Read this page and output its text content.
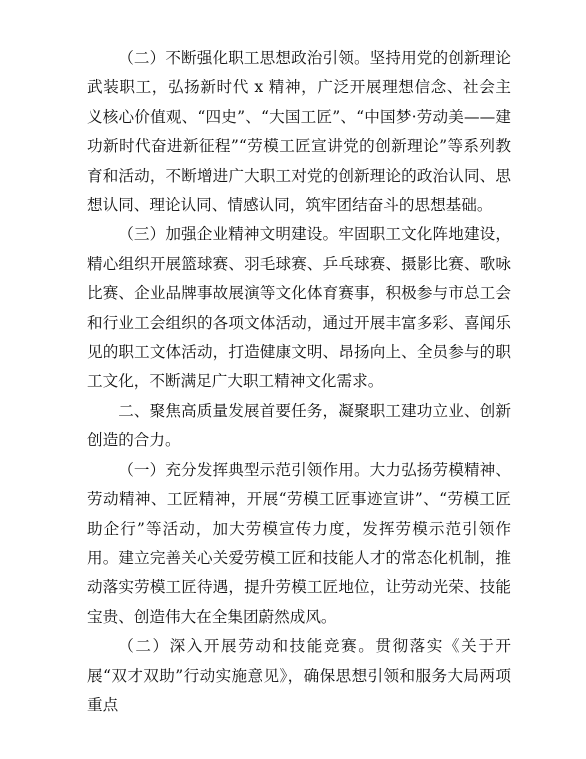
（二）不断强化职工思想政治引领。坚持用党的创新理论武装职工，弘扬新时代 x 精神，广泛开展理想信念、社会主义核心价值观、“四史”、“大国工匠”、“中国梦·劳动美——建功新时代奋进新征程”“劳模工匠宣讲党的创新理论”等系列教育和活动，不断增进广大职工对党的创新理论的政治认同、思想认同、理论认同、情感认同，筑牢团结奋斗的思想基础。

（三）加强企业精神文明建设。牢固职工文化阵地建设，精心组织开展篮球赛、羽毛球赛、乒乓球赛、摄影比赛、歌咏比赛、企业品牌事故展演等文化体育赛事，积极参与市总工会和行业工会组织的各项文体活动，通过开展丰富多彩、喜闻乐见的职工文体活动，打造健康文明、昂扬向上、全员参与的职工文化，不断满足广大职工精神文化需求。

二、聚焦高质量发展首要任务，凝聚职工建功立业、创新创造的合力。

（一）充分发挥典型示范引领作用。大力弘扬劳模精神、劳动精神、工匠精神，开展“劳模工匠事迹宣讲”、“劳模工匠助企行”等活动，加大劳模宣传力度，发挥劳模示范引领作用。建立完善关心关爱劳模工匠和技能人才的常态化机制，推动落实劳模工匠待遇，提升劳模工匠地位，让劳动光荣、技能宝贵、创造伟大在全集团蔚然成风。

（二）深入开展劳动和技能竞赛。贯彻落实《关于开展“双才双助”行动实施意见》，确保思想引领和服务大局两项重点
